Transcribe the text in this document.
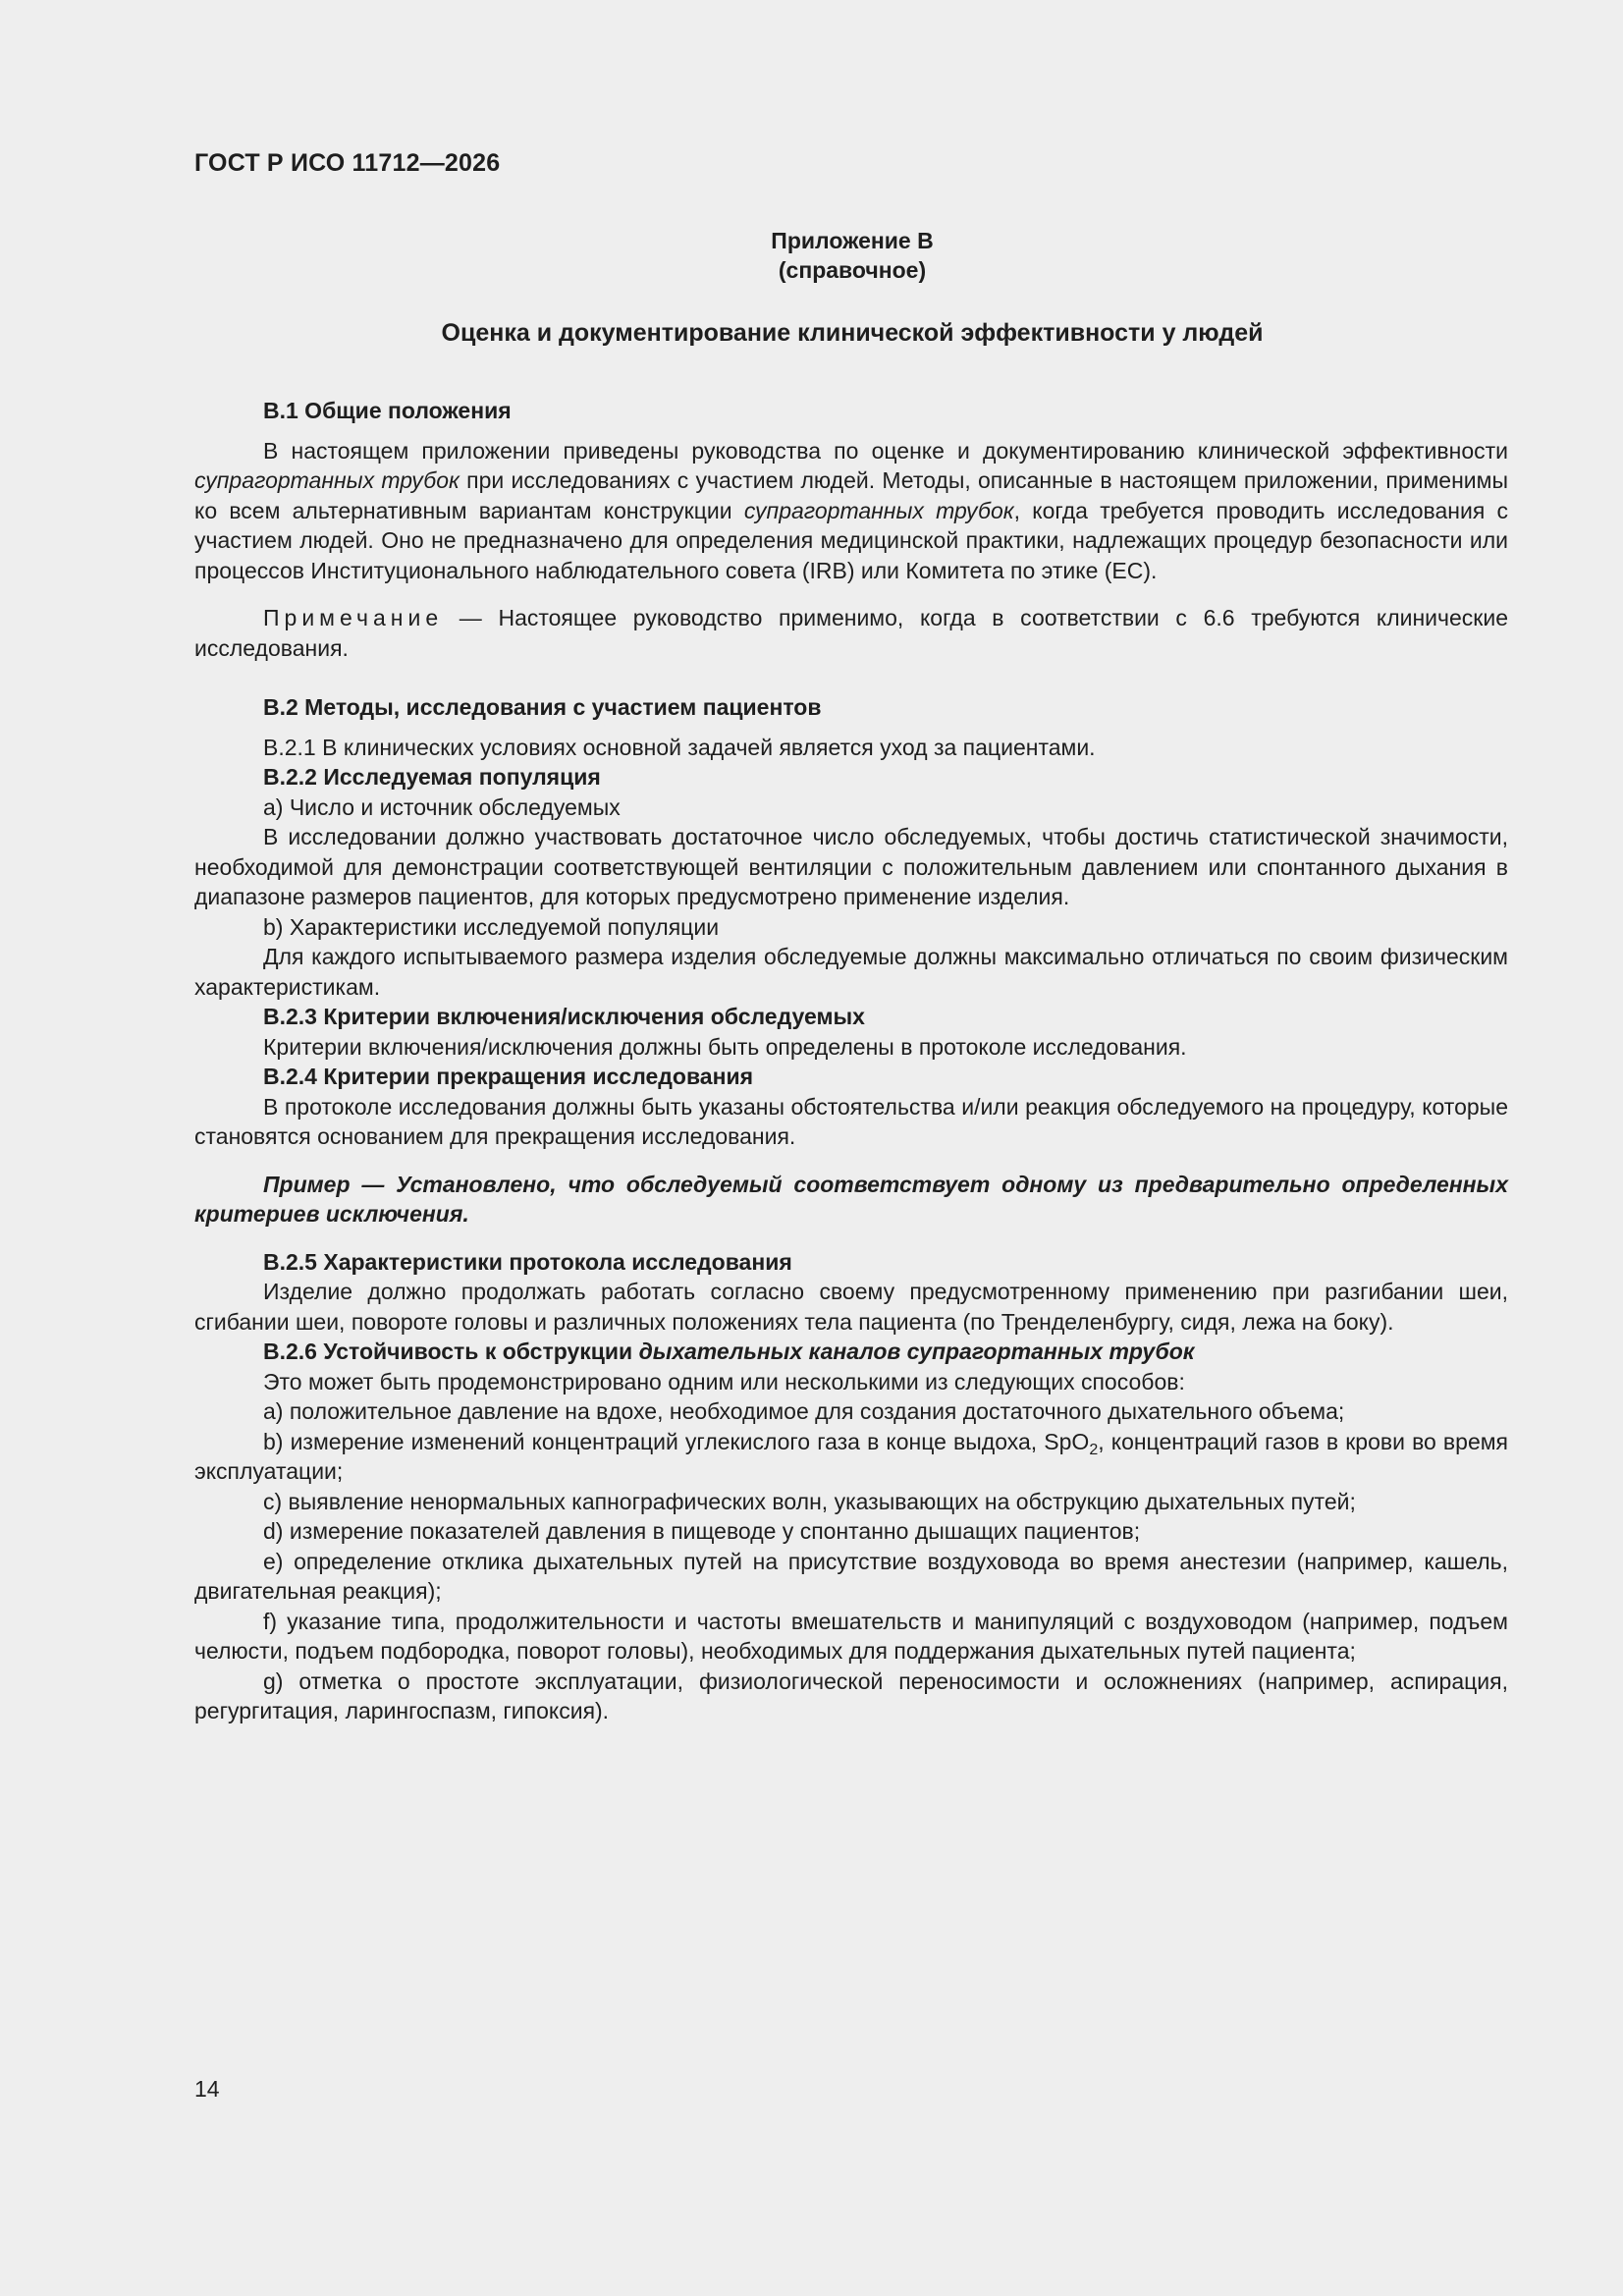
ГОСТ Р ИСО 11712—2026
Приложение В
(справочное)
Оценка и документирование клинической эффективности у людей

В.1 Общие положения

В настоящем приложении приведены руководства по оценке и документированию клинической эффективности супрагортанных трубок при исследованиях с участием людей. Методы, описанные в настоящем приложении, применимы ко всем альтернативным вариантам конструкции супрагортанных трубок, когда требуется проводить исследования с участием людей. Оно не предназначено для определения медицинской практики, надлежащих процедур безопасности или процессов Институционального наблюдательного совета (IRB) или Комитета по этике (EC).

Примечание — Настоящее руководство применимо, когда в соответствии с 6.6 требуются клинические исследования.

В.2 Методы, исследования с участием пациентов

В.2.1 В клинических условиях основной задачей является уход за пациентами.

В.2.2 Исследуемая популяция

a) Число и источник обследуемых

В исследовании должно участвовать достаточное число обследуемых, чтобы достичь статистической значимости, необходимой для демонстрации соответствующей вентиляции с положительным давлением или спонтанного дыхания в диапазоне размеров пациентов, для которых предусмотрено применение изделия.

b) Характеристики исследуемой популяции

Для каждого испытываемого размера изделия обследуемые должны максимально отличаться по своим физическим характеристикам.

В.2.3 Критерии включения/исключения обследуемых

Критерии включения/исключения должны быть определены в протоколе исследования.

В.2.4 Критерии прекращения исследования

В протоколе исследования должны быть указаны обстоятельства и/или реакция обследуемого на процедуру, которые становятся основанием для прекращения исследования.

Пример — Установлено, что обследуемый соответствует одному из предварительно определенных критериев исключения.

В.2.5 Характеристики протокола исследования

Изделие должно продолжать работать согласно своему предусмотренному применению при разгибании шеи, сгибании шеи, повороте головы и различных положениях тела пациента (по Тренделенбургу, сидя, лежа на боку).

В.2.6 Устойчивость к обструкции дыхательных каналов супрагортанных трубок

Это может быть продемонстрировано одним или несколькими из следующих способов:

a) положительное давление на вдохе, необходимое для создания достаточного дыхательного объема;

b) измерение изменений концентраций углекислого газа в конце выдоха, SpO$_2$, концентраций газов в крови во время эксплуатации;

c) выявление ненормальных капнографических волн, указывающих на обструкцию дыхательных путей;

d) измерение показателей давления в пищеводе у спонтанно дышащих пациентов;

e) определение отклика дыхательных путей на присутствие воздуховода во время анестезии (например, кашель, двигательная реакция);

f) указание типа, продолжительности и частоты вмешательств и манипуляций с воздуховодом (например, подъем челюсти, подъем подбородка, поворот головы), необходимых для поддержания дыхательных путей пациента;

g) отметка о простоте эксплуатации, физиологической переносимости и осложнениях (например, аспирация, регургитация, ларингоспазм, гипоксия).

14
